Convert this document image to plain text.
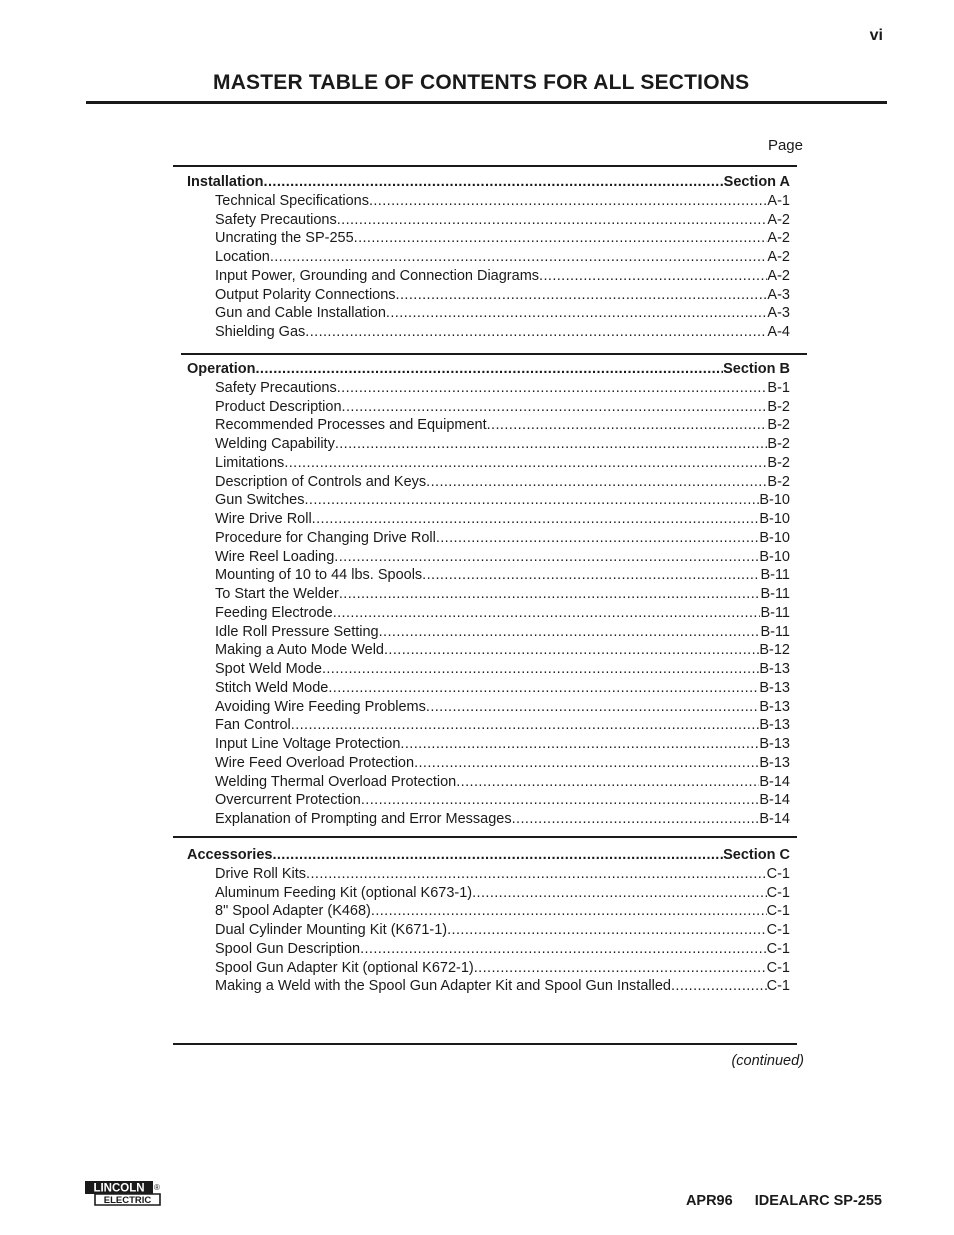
vi
MASTER TABLE OF CONTENTS FOR ALL SECTIONS
Page
Installation .....	Section A
Technical Specifications .....	A-1
Safety Precautions .....	A-2
Uncrating the SP-255 .....	A-2
Location .....	A-2
Input Power, Grounding and Connection Diagrams .....	A-2
Output Polarity Connections .....	A-3
Gun and Cable Installation .....	A-3
Shielding Gas .....	A-4
Operation .....	Section B
Safety Precautions .....	B-1
Product Description .....	B-2
Recommended Processes and Equipment .....	B-2
Welding Capability .....	B-2
Limitations .....	B-2
Description of Controls and Keys .....	B-2
Gun Switches .....	B-10
Wire Drive Roll .....	B-10
Procedure for Changing Drive Roll .....	B-10
Wire Reel Loading .....	B-10
Mounting of 10 to 44 lbs. Spools .....	B-11
To Start the Welder .....	B-11
Feeding Electrode .....	B-11
Idle Roll Pressure Setting .....	B-11
Making a Auto Mode Weld .....	B-12
Spot Weld Mode .....	B-13
Stitch Weld Mode .....	B-13
Avoiding Wire Feeding Problems .....	B-13
Fan Control .....	B-13
Input Line Voltage Protection .....	B-13
Wire Feed Overload Protection .....	B-13
Welding Thermal Overload Protection .....	B-14
Overcurrent Protection .....	B-14
Explanation of Prompting and Error Messages .....	B-14
Accessories .....	Section C
Drive Roll Kits .....	C-1
Aluminum Feeding Kit (optional K673-1) .....	C-1
8" Spool Adapter (K468) .....	C-1
Dual Cylinder Mounting Kit (K671-1) .....	C-1
Spool Gun Description .....	C-1
Spool Gun Adapter Kit (optional K672-1) .....	C-1
Making a Weld with the Spool Gun Adapter Kit and Spool Gun Installed .....	C-1
(continued)
LINCOLN
ELECTRIC
®
APR96 IDEALARC SP-255
